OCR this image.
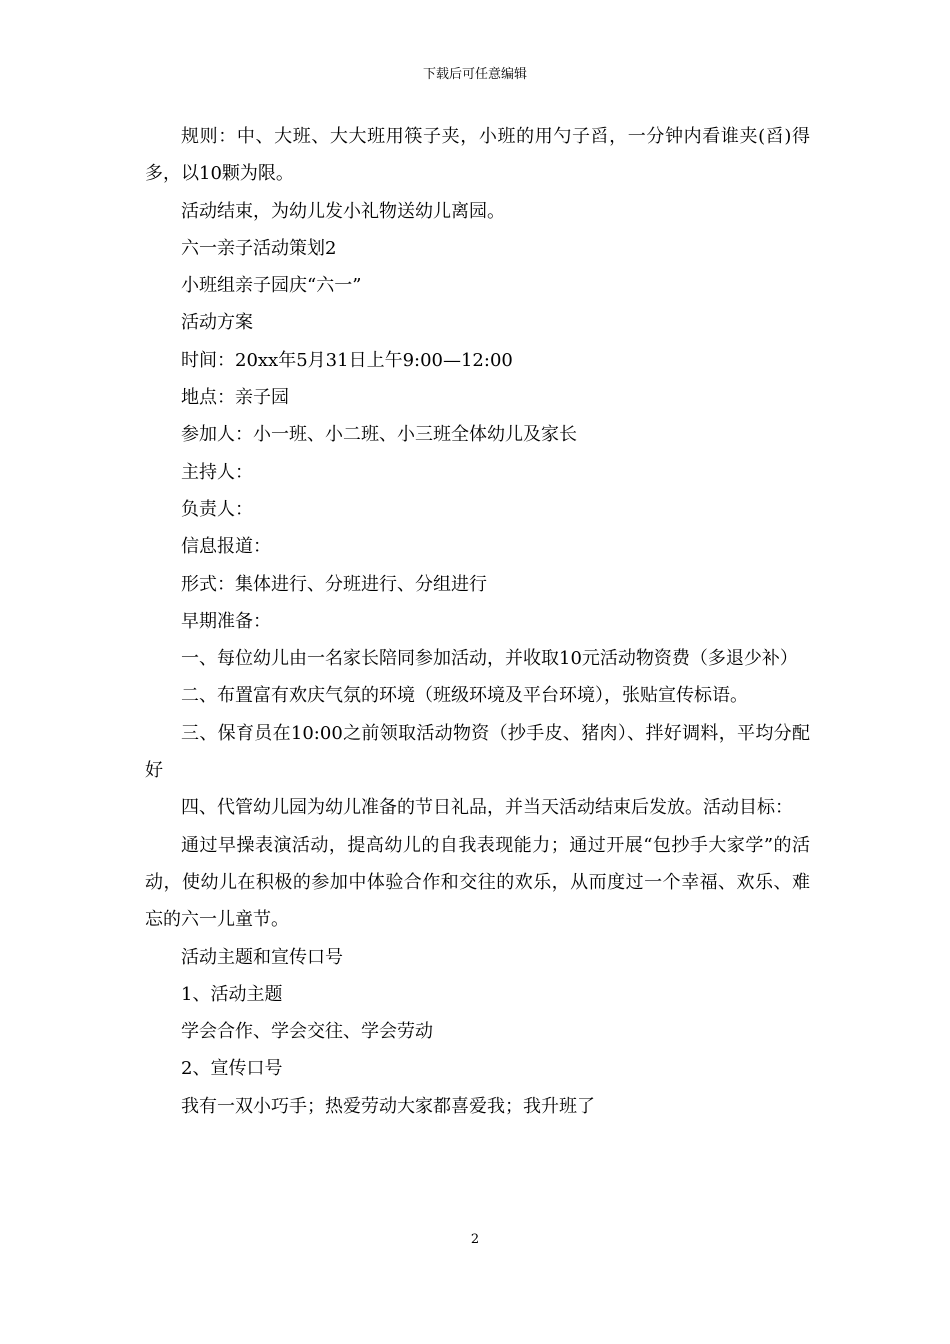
下载后可任意编辑

规则：中、大班、大大班用筷子夹，小班的用勺子舀，一分钟内看谁夹(舀)得多，以10颗为限。

活动结束，为幼儿发小礼物送幼儿离园。

六一亲子活动策划2

小班组亲子园庆“六一”

活动方案

时间：20xx年5月31日上午9:00—12:00

地点：亲子园

参加人：小一班、小二班、小三班全体幼儿及家长

主持人：

负责人：

信息报道：

形式：集体进行、分班进行、分组进行

早期准备：

一、每位幼儿由一名家长陪同参加活动，并收取10元活动物资费（多退少补）

二、布置富有欢庆气氛的环境（班级环境及平台环境），张贴宣传标语。

三、保育员在10:00之前领取活动物资（抄手皮、猪肉）、拌好调料，平均分配好

四、代管幼儿园为幼儿准备的节日礼品，并当天活动结束后发放。活动目标：

通过早操表演活动，提高幼儿的自我表现能力；通过开展“包抄手大家学”的活动，使幼儿在积极的参加中体验合作和交往的欢乐，从而度过一个幸福、欢乐、难忘的六一儿童节。

活动主题和宣传口号

1、活动主题

学会合作、学会交往、学会劳动

2、宣传口号

我有一双小巧手；热爱劳动大家都喜爱我；我升班了

2
